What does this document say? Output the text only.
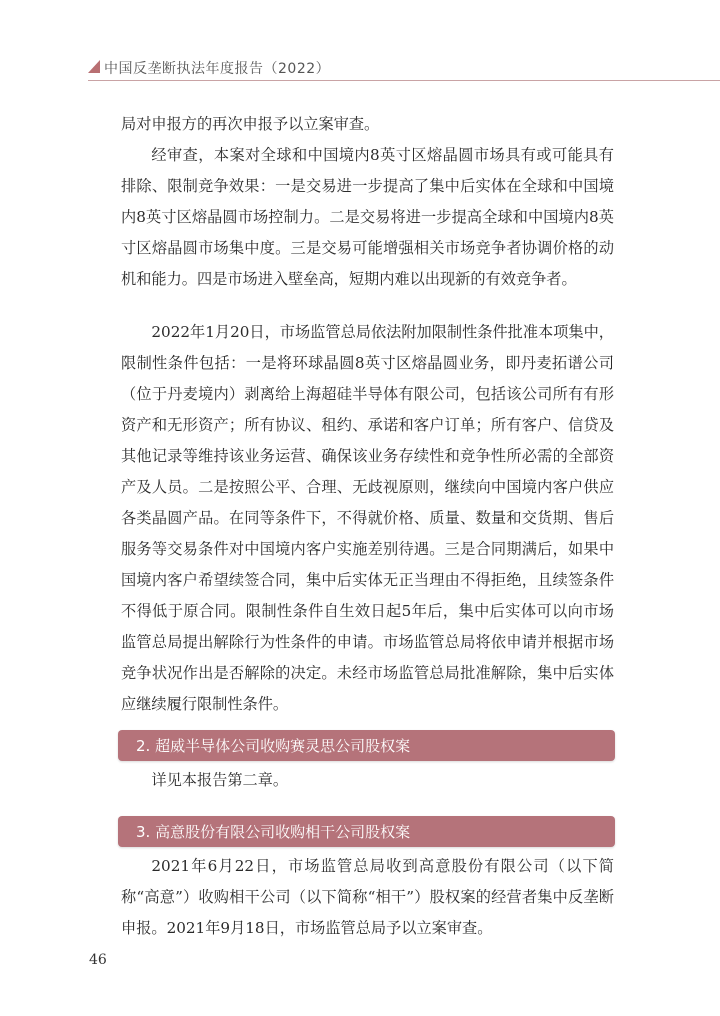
中国反垄断执法年度报告（2022）

局对申报方的再次申报予以立案审查。

经审查，本案对全球和中国境内8英寸区熔晶圆市场具有或可能具有排除、限制竞争效果：一是交易进一步提高了集中后实体在全球和中国境内8英寸区熔晶圆市场控制力。二是交易将进一步提高全球和中国境内8英寸区熔晶圆市场集中度。三是交易可能增强相关市场竞争者协调价格的动机和能力。四是市场进入壁垒高，短期内难以出现新的有效竞争者。

2022年1月20日，市场监管总局依法附加限制性条件批准本项集中，限制性条件包括：一是将环球晶圆8英寸区熔晶圆业务，即丹麦拓谱公司（位于丹麦境内）剥离给上海超硅半导体有限公司，包括该公司所有有形资产和无形资产；所有协议、租约、承诺和客户订单；所有客户、信贷及其他记录等维持该业务运营、确保该业务存续性和竞争性所必需的全部资产及人员。二是按照公平、合理、无歧视原则，继续向中国境内客户供应各类晶圆产品。在同等条件下，不得就价格、质量、数量和交货期、售后服务等交易条件对中国境内客户实施差别待遇。三是合同期满后，如果中国境内客户希望续签合同，集中后实体无正当理由不得拒绝，且续签条件不得低于原合同。限制性条件自生效日起5年后，集中后实体可以向市场监管总局提出解除行为性条件的申请。市场监管总局将依申请并根据市场竞争状况作出是否解除的决定。未经市场监管总局批准解除，集中后实体应继续履行限制性条件。

2. 超威半导体公司收购赛灵思公司股权案

详见本报告第二章。

3. 高意股份有限公司收购相干公司股权案

2021年6月22日，市场监管总局收到高意股份有限公司（以下简称“高意”）收购相干公司（以下简称“相干”）股权案的经营者集中反垄断申报。2021年9月18日，市场监管总局予以立案审查。

46
